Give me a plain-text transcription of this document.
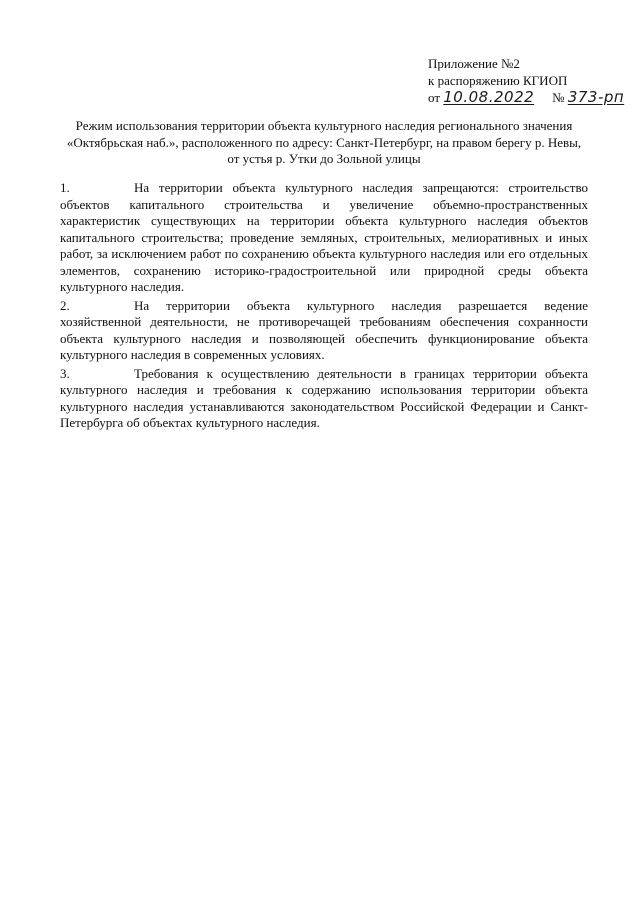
Приложение №2
к распоряжению КГИОП
от 10.08.2022 № 373-рп
Режим использования территории объекта культурного наследия регионального значения «Октябрьская наб.», расположенного по адресу: Санкт-Петербург, на правом берегу р. Невы, от устья р. Утки до Зольной улицы

1.	На территории объекта культурного наследия запрещаются: строительство объектов капитального строительства и увеличение объемно-пространственных характеристик существующих на территории объекта культурного наследия объектов капитального строительства; проведение земляных, строительных, мелиоративных и иных работ, за исключением работ по сохранению объекта культурного наследия или его отдельных элементов, сохранению историко-градостроительной или природной среды объекта культурного наследия.

2.	На территории объекта культурного наследия разрешается ведение хозяйственной деятельности, не противоречащей требованиям обеспечения сохранности объекта культурного наследия и позволяющей обеспечить функционирование объекта культурного наследия в современных условиях.

3.	Требования к осуществлению деятельности в границах территории объекта культурного наследия и требования к содержанию использования территории объекта культурного наследия устанавливаются законодательством Российской Федерации и Санкт-Петербурга об объектах культурного наследия.
